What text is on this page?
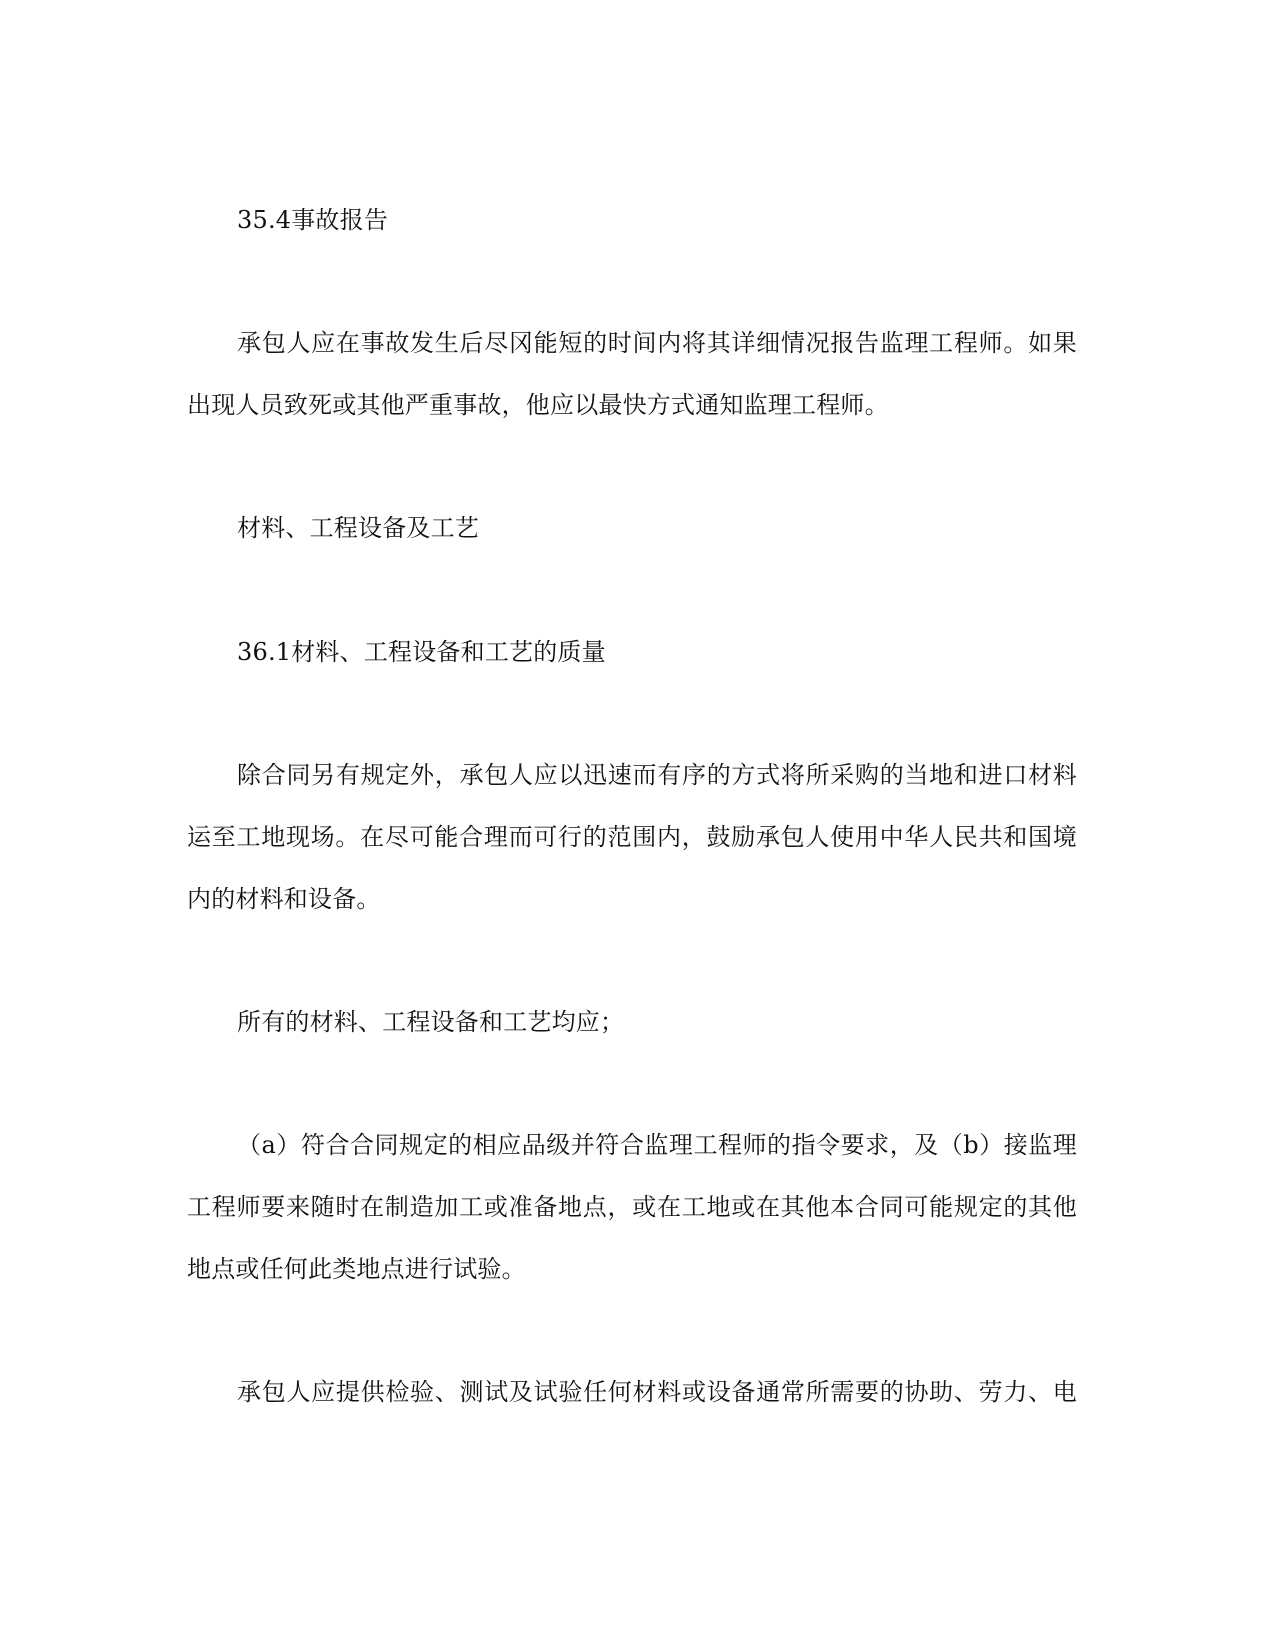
35.4事故报告
承包人应在事故发生后尽冈能短的时间内将其详细情况报告监理工程师。如果
出现人员致死或其他严重事故，他应以最快方式通知监理工程师。
材料、工程设备及工艺
36.1材料、工程设备和工艺的质量
除合同另有规定外，承包人应以迅速而有序的方式将所采购的当地和进口材料
运至工地现场。在尽可能合理而可行的范围内，鼓励承包人使用中华人民共和国境
内的材料和设备。
所有的材料、工程设备和工艺均应；
（a）符合合同规定的相应品级并符合监理工程师的指令要求，及（b）接监理
工程师要来随时在制造加工或准备地点，或在工地或在其他本合同可能规定的其他
地点或任何此类地点进行试验。
承包人应提供检验、测试及试验任何材料或设备通常所需要的协助、劳力、电
